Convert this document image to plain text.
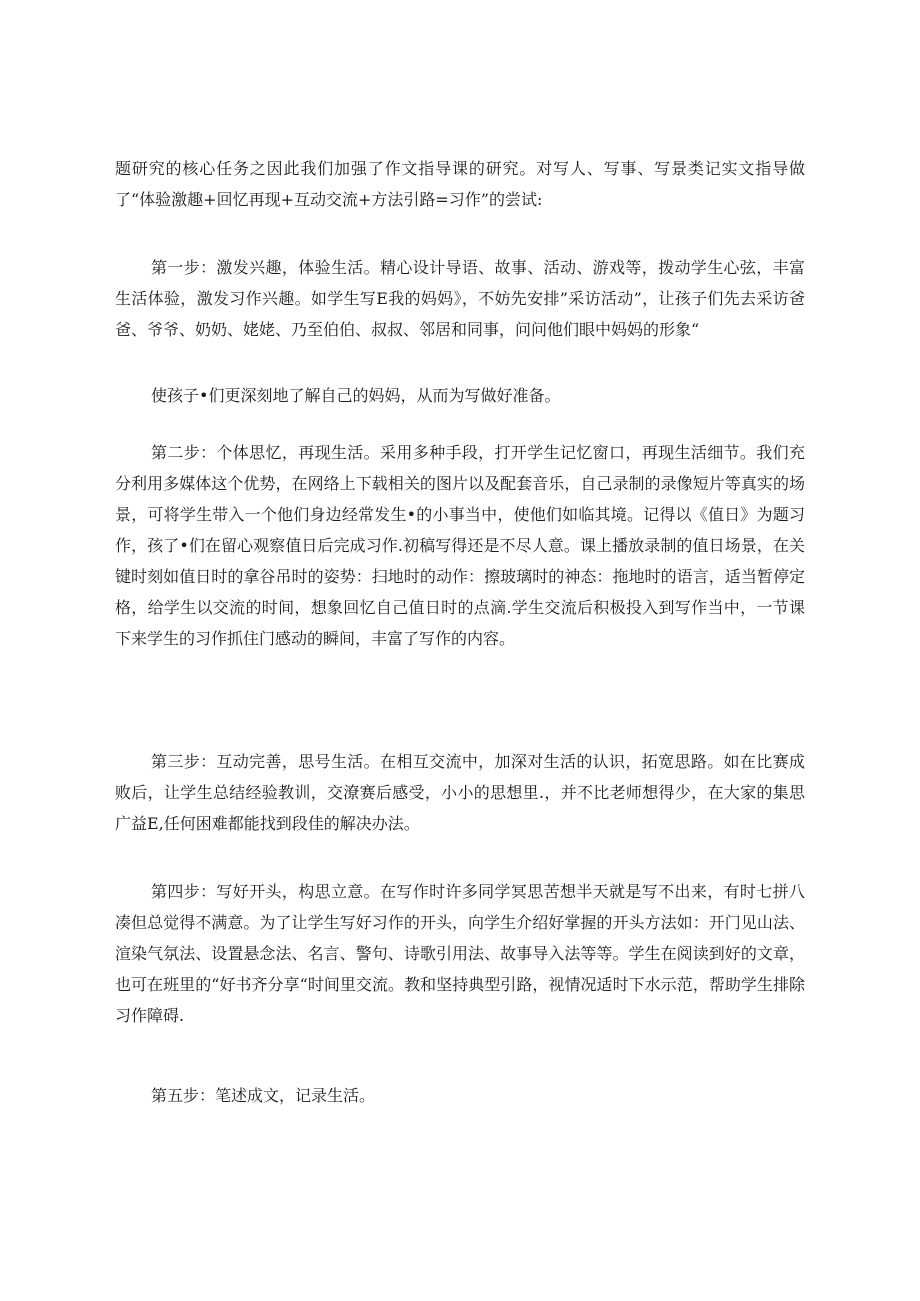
题研究的核心任务之因此我们加强了作文指导课的研究。对写人、写事、写景类记实文指导做了“体验激趣+回忆再现+互动交流+方法引路=习作”的尝试:

第一步：激发兴趣，体验生活。精心设计导语、故事、活动、游戏等，拨动学生心弦，丰富生活体验，激发习作兴趣。如学生写E我的妈妈》，不妨先安排”采访活动”，让孩子们先去采访爸爸、爷爷、奶奶、姥姥、乃至伯伯、叔叔、邻居和同事，问问他们眼中妈妈的形象“

使孩子•们更深刻地了解自己的妈妈，从而为写做好准备。

第二步：个体思忆，再现生活。采用多种手段，打开学生记忆窗口，再现生活细节。我们充分利用多媒体这个优势，在网络上下载相关的图片以及配套音乐，自己录制的录像短片等真实的场景，可将学生带入一个他们身边经常发生•的小事当中，使他们如临其境。记得以《值日》为题习作，孩了•们在留心观察值日后完成习作.初稿写得还是不尽人意。课上播放录制的值日场景，在关键时刻如值日时的拿谷吊时的姿势：扫地时的动作：擦玻璃时的神态：拖地时的语言，适当暂停定格，给学生以交流的时间，想象回忆自己值日时的点滴.学生交流后积极投入到写作当中，一节课下来学生的习作抓住门感动的瞬间，丰富了写作的内容。

第三步：互动完善，思号生活。在相互交流中，加深对生活的认识，拓宽思路。如在比赛成败后，让学生总结经验教训，交潦赛后感受，小小的思想里.，并不比老师想得少，在大家的集思广益E,任何困难都能找到段佳的解决办法。

第四步：写好开头，构思立意。在写作时许多同学冥思苦想半天就是写不出来，有时七拼八凑但总觉得不满意。为了让学生写好习作的开头，向学生介绍好掌握的开头方法如：开门见山法、渲染气氛法、设置悬念法、名言、警句、诗歌引用法、故事导入法等等。学生在阅读到好的文章，也可在班里的“好书齐分享“时间里交流。教和坚持典型引路，视情况适时下水示范，帮助学生排除习作障碍.

第五步：笔述成文，记录生活。
